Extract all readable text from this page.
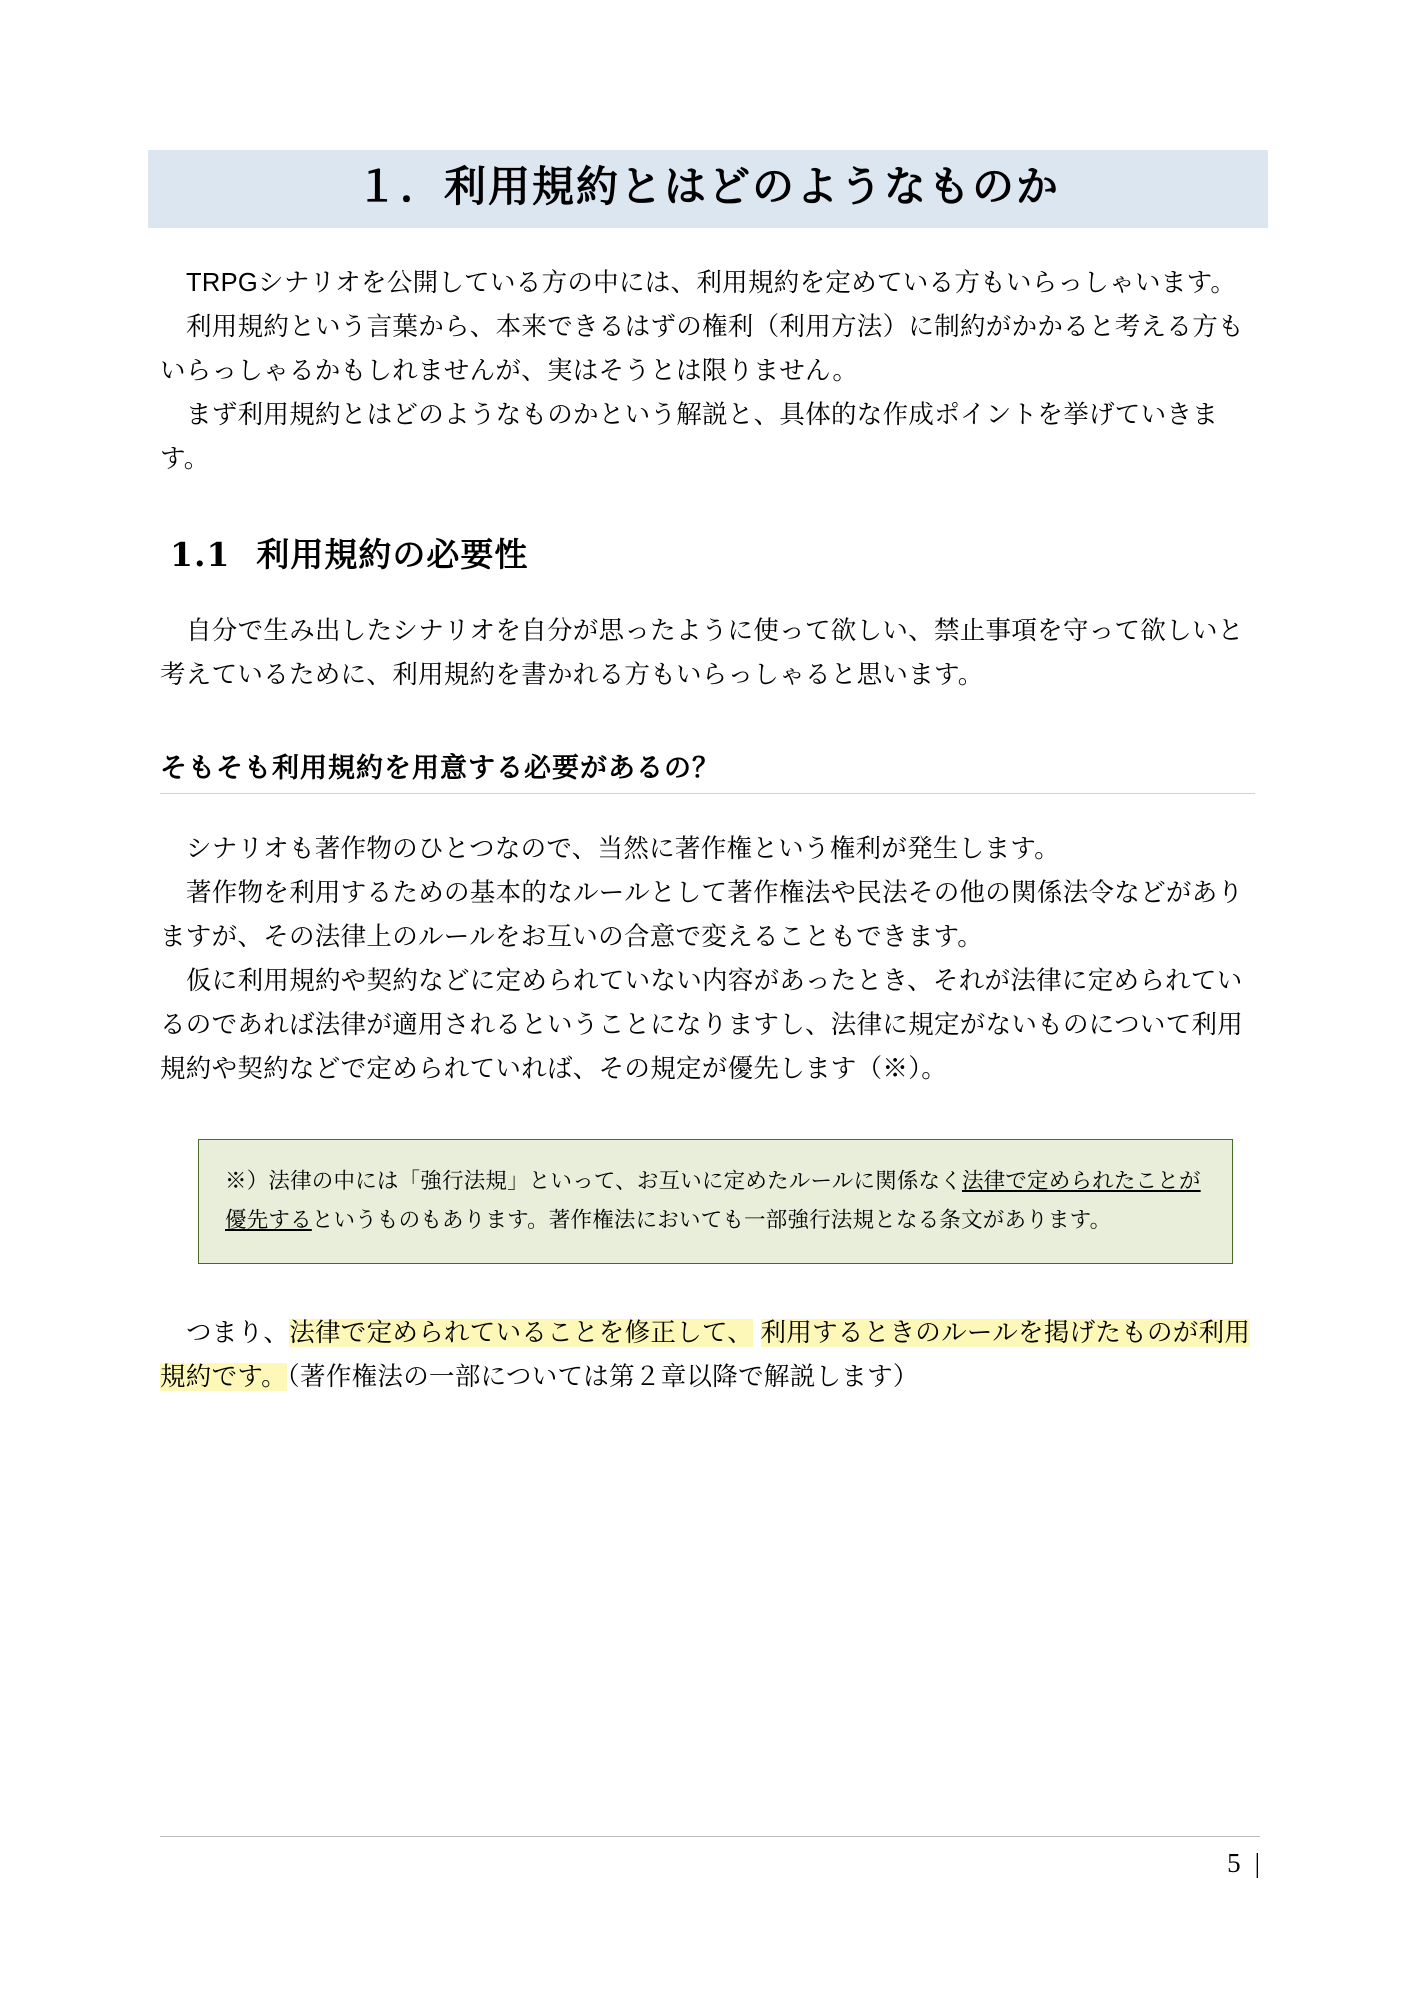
１．利用規約とはどのようなものか

TRPGシナリオを公開している方の中には、利用規約を定めている方もいらっしゃいます。

利用規約という言葉から、本来できるはずの権利（利用方法）に制約がかかると考える方もいらっしゃるかもしれませんが、実はそうとは限りません。

まず利用規約とはどのようなものかという解説と、具体的な作成ポイントを挙げていきます。

1.1 利用規約の必要性

自分で生み出したシナリオを自分が思ったように使って欲しい、禁止事項を守って欲しいと考えているために、利用規約を書かれる方もいらっしゃると思います。

そもそも利用規約を用意する必要があるの？

シナリオも著作物のひとつなので、当然に著作権という権利が発生します。

著作物を利用するための基本的なルールとして著作権法や民法その他の関係法令などがありますが、その法律上のルールをお互いの合意で変えることもできます。

仮に利用規約や契約などに定められていない内容があったとき、それが法律に定められているのであれば法律が適用されるということになりますし、法律に規定がないものについて利用規約や契約などで定められていれば、その規定が優先します（※）。

※）法律の中には「強行法規」といって、お互いに定めたルールに関係なく法律で定められたことが優先するというものもあります。著作権法においても一部強行法規となる条文があります。

つまり、法律で定められていることを修正して、 利用するときのルールを掲げたものが利用規約です。（著作権法の一部については第２章以降で解説します）

5 |
